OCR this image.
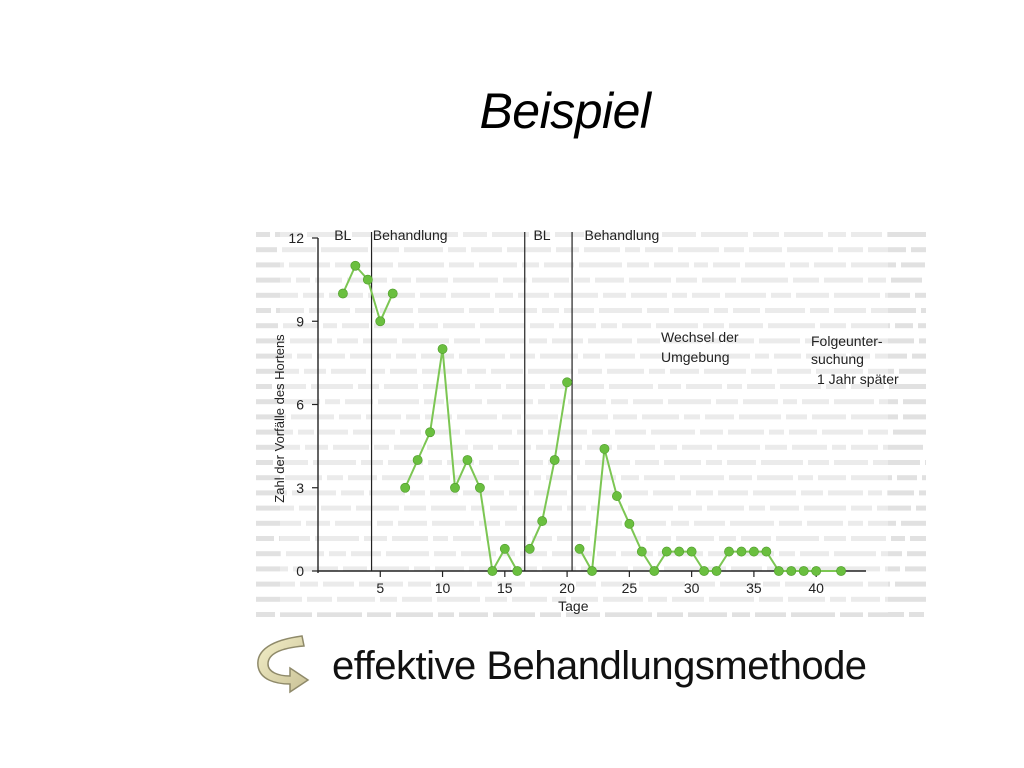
Beispiel
0
3
6
9
12
5	10	15	20	25	30	35	40
Tage
Zahl der Vorfälle des Hortens
BL Behandlung	BL Behandlung
Wechsel der
Umgebung
Folgeunter-
suchung
1 Jahr später
effektive Behandlungsmethode
